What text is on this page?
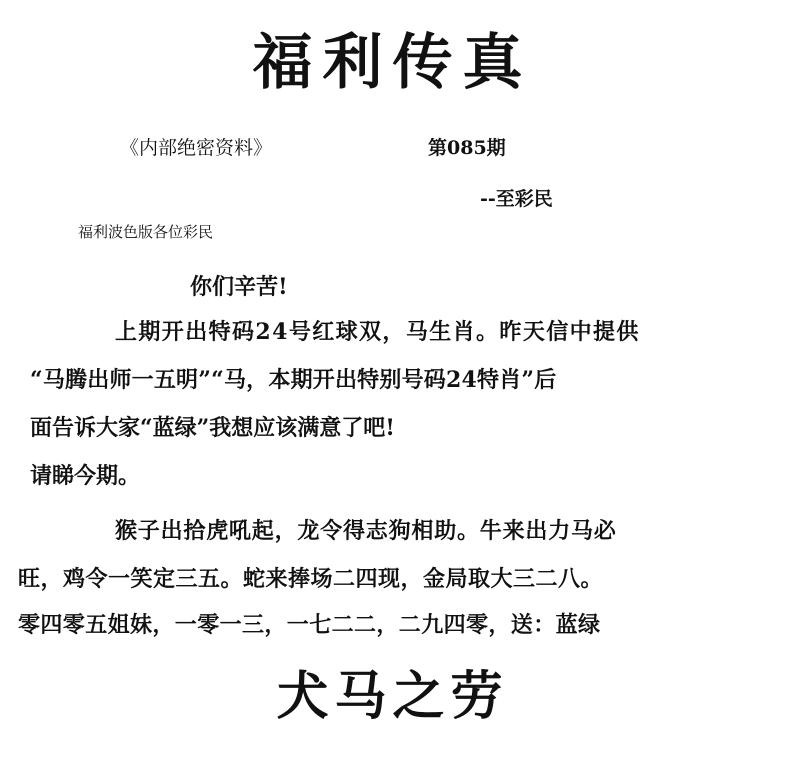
福利传真
《内部绝密资料》	第085期
--至彩民
福利波色版各位彩民
你们辛苦!
上期开出特码24号红球双，马生肖。昨天信中提供
“马腾出师一五明”“马，本期开出特别号码24特肖”后
面告诉大家“蓝绿”我想应该满意了吧!
请睇今期。
猴子出拾虎吼起，龙令得志狗相助。牛来出力马必
旺，鸡令一笑定三五。蛇来捧场二四现，金局取大三二八。
零四零五姐妹，一零一三，一七二二，二九四零，送：蓝绿
犬马之劳
